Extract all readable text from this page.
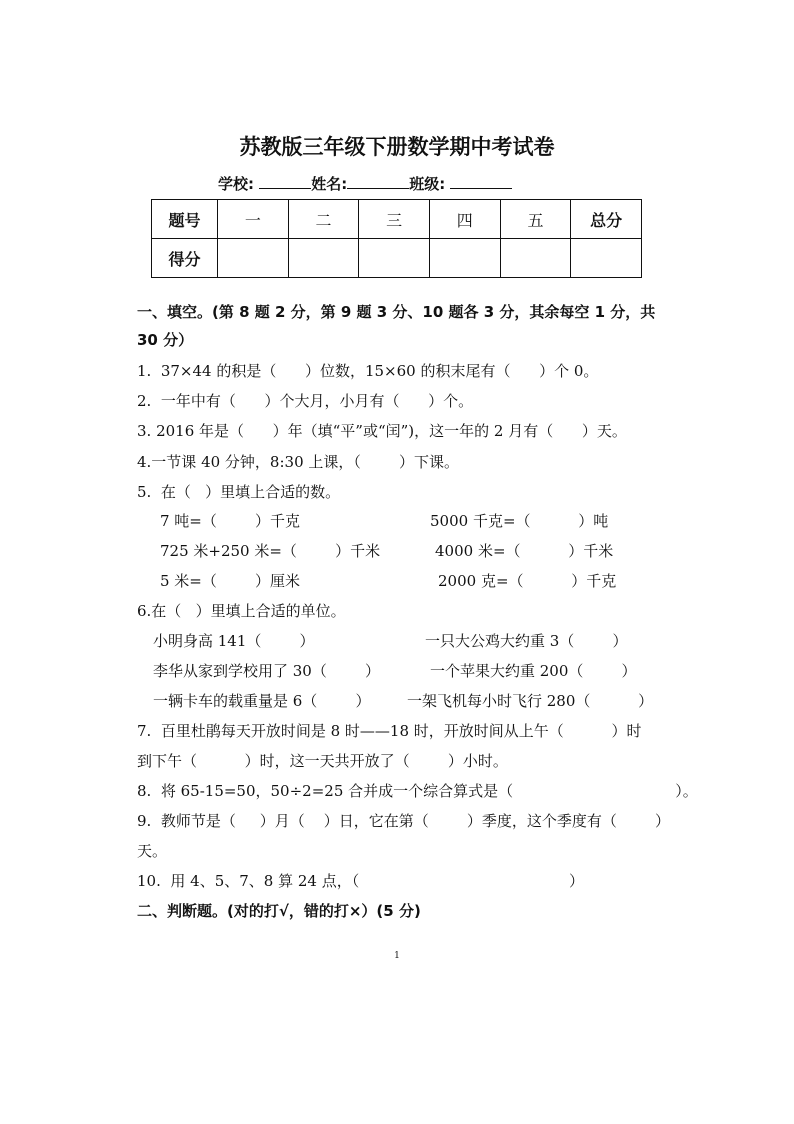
苏教版三年级下册数学期中考试卷
学校:	姓名:	班级:
题号	一	二	三	四	五	总分
得分						
一、填空。(第 8 题 2 分，第 9 题 3 分、10 题各 3 分，其余每空 1 分，共
30 分）
1.  37×44 的积是（      ）位数，15×60 的积末尾有（      ）个 0。
2.  一年中有（      ）个大月，小月有（      ）个。
3. 2016 年是（      ）年（填“平”或“闰”)，这一年的 2 月有（      ）天。
4.一节课 40 分钟，8:30 上课，（        ）下课。
5.  在（   ）里填上合适的数。
7 吨=（        ）千克	5000 千克=（          ）吨
725 米+250 米=（        ）千米	4000 米=（          ）千米
5 米=（        ）厘米	2000 克=（          ）千克
6.在（   ）里填上合适的单位。
小明身高 141（        ）	一只大公鸡大约重 3（        ）
李华从家到学校用了 30（        ）	一个苹果大约重 200（        ）
一辆卡车的载重量是 6（        ） 一架飞机每小时飞行 280（          ）
7.  百里杜鹃每天开放时间是 8 时——18 时，开放时间从上午（          ）时
到下午（          ）时，这一天共开放了（        ）小时。
8.  将 65-15=50，50÷2=25 合并成一个综合算式是（                                  ）。
9.  教师节是（     ）月（    ）日，它在第（        ）季度，这个季度有（        ）
天。
10.  用 4、5、7、8 算 24 点，（                                            ）
二、判断题。(对的打√，错的打×）(5 分)
1
